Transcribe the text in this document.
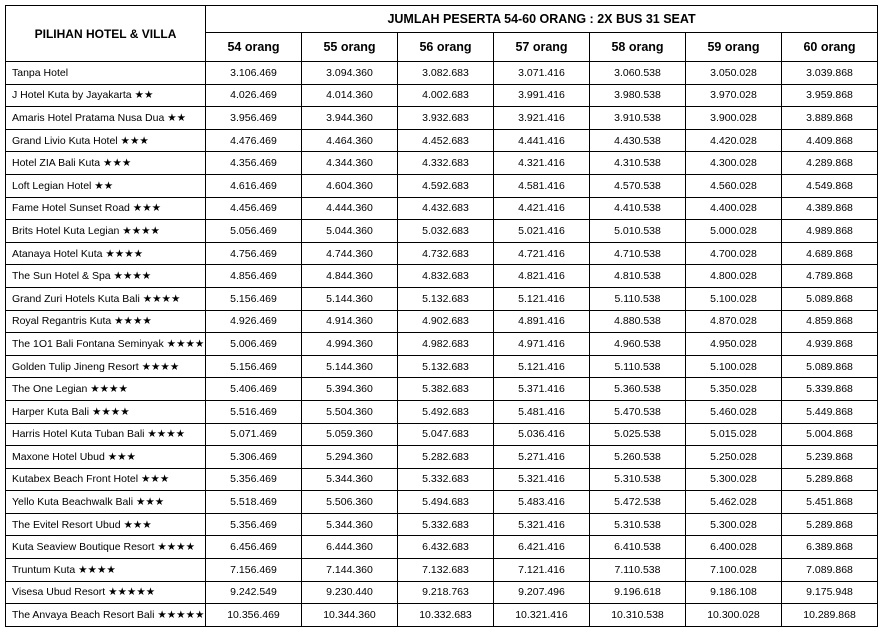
PILIHAN HOTEL & VILLA	JUMLAH PESERTA 54-60 ORANG : 2X BUS 31 SEAT						
	54 orang	55 orang	56 orang	57 orang	58 orang	59 orang	60 orang
Tanpa Hotel	3.106.469	3.094.360	3.082.683	3.071.416	3.060.538	3.050.028	3.039.868
J Hotel Kuta by Jayakarta ★★	4.026.469	4.014.360	4.002.683	3.991.416	3.980.538	3.970.028	3.959.868
Amaris Hotel Pratama Nusa Dua ★★	3.956.469	3.944.360	3.932.683	3.921.416	3.910.538	3.900.028	3.889.868
Grand Livio Kuta Hotel ★★★	4.476.469	4.464.360	4.452.683	4.441.416	4.430.538	4.420.028	4.409.868
Hotel ZIA Bali Kuta ★★★	4.356.469	4.344.360	4.332.683	4.321.416	4.310.538	4.300.028	4.289.868
Loft Legian Hotel ★★	4.616.469	4.604.360	4.592.683	4.581.416	4.570.538	4.560.028	4.549.868
Fame Hotel Sunset Road ★★★	4.456.469	4.444.360	4.432.683	4.421.416	4.410.538	4.400.028	4.389.868
Brits Hotel Kuta Legian ★★★★	5.056.469	5.044.360	5.032.683	5.021.416	5.010.538	5.000.028	4.989.868
Atanaya Hotel Kuta ★★★★	4.756.469	4.744.360	4.732.683	4.721.416	4.710.538	4.700.028	4.689.868
The Sun Hotel & Spa ★★★★	4.856.469	4.844.360	4.832.683	4.821.416	4.810.538	4.800.028	4.789.868
Grand Zuri Hotels Kuta Bali ★★★★	5.156.469	5.144.360	5.132.683	5.121.416	5.110.538	5.100.028	5.089.868
Royal Regantris Kuta ★★★★	4.926.469	4.914.360	4.902.683	4.891.416	4.880.538	4.870.028	4.859.868
The 1O1 Bali Fontana Seminyak ★★★★	5.006.469	4.994.360	4.982.683	4.971.416	4.960.538	4.950.028	4.939.868
Golden Tulip Jineng Resort ★★★★	5.156.469	5.144.360	5.132.683	5.121.416	5.110.538	5.100.028	5.089.868
The One Legian ★★★★	5.406.469	5.394.360	5.382.683	5.371.416	5.360.538	5.350.028	5.339.868
Harper Kuta Bali ★★★★	5.516.469	5.504.360	5.492.683	5.481.416	5.470.538	5.460.028	5.449.868
Harris Hotel Kuta Tuban Bali ★★★★	5.071.469	5.059.360	5.047.683	5.036.416	5.025.538	5.015.028	5.004.868
Maxone Hotel Ubud ★★★	5.306.469	5.294.360	5.282.683	5.271.416	5.260.538	5.250.028	5.239.868
Kutabex Beach Front Hotel ★★★	5.356.469	5.344.360	5.332.683	5.321.416	5.310.538	5.300.028	5.289.868
Yello Kuta Beachwalk Bali ★★★	5.518.469	5.506.360	5.494.683	5.483.416	5.472.538	5.462.028	5.451.868
The Evitel Resort Ubud ★★★	5.356.469	5.344.360	5.332.683	5.321.416	5.310.538	5.300.028	5.289.868
Kuta Seaview Boutique Resort ★★★★	6.456.469	6.444.360	6.432.683	6.421.416	6.410.538	6.400.028	6.389.868
Truntum Kuta ★★★★	7.156.469	7.144.360	7.132.683	7.121.416	7.110.538	7.100.028	7.089.868
Visesa Ubud Resort ★★★★★	9.242.549	9.230.440	9.218.763	9.207.496	9.196.618	9.186.108	9.175.948
The Anvaya Beach Resort Bali ★★★★★	10.356.469	10.344.360	10.332.683	10.321.416	10.310.538	10.300.028	10.289.868
